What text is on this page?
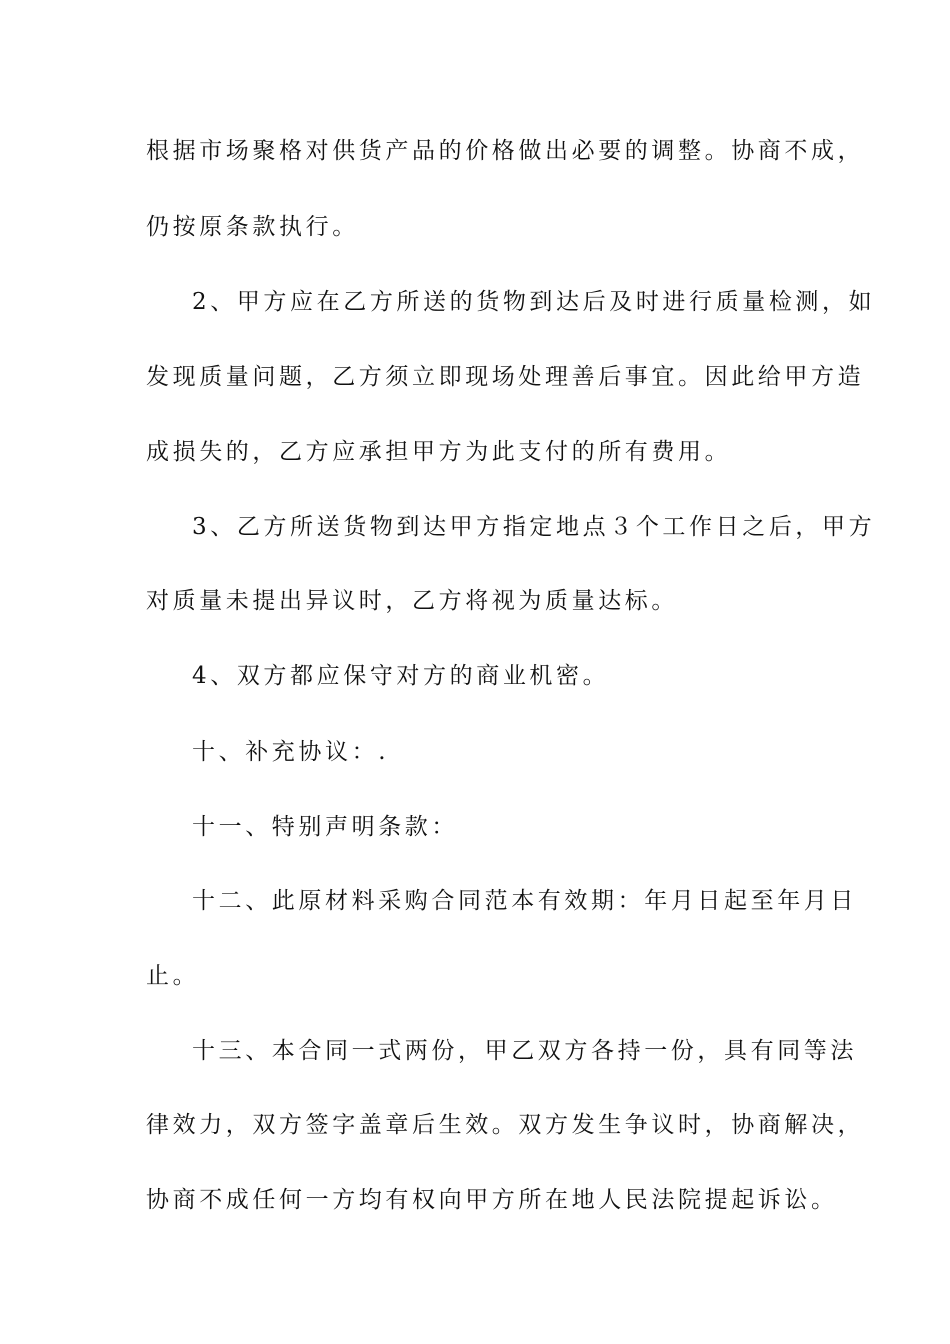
根据市场聚格对供货产品的价格做出必要的调整。协商不成，
仍按原条款执行。
2、甲方应在乙方所送的货物到达后及时进行质量检测，如
发现质量问题，乙方须立即现场处理善后事宜。因此给甲方造
成损失的，乙方应承担甲方为此支付的所有费用。
3、乙方所送货物到达甲方指定地点３个工作日之后，甲方
对质量未提出异议时，乙方将视为质量达标。
4、双方都应保守对方的商业机密。
十、补充协议：.
十一、特别声明条款：
十二、此原材料采购合同范本有效期：年月日起至年月日
止。
十三、本合同一式两份，甲乙双方各持一份，具有同等法
律效力，双方签字盖章后生效。双方发生争议时，协商解决，
协商不成任何一方均有权向甲方所在地人民法院提起诉讼。
